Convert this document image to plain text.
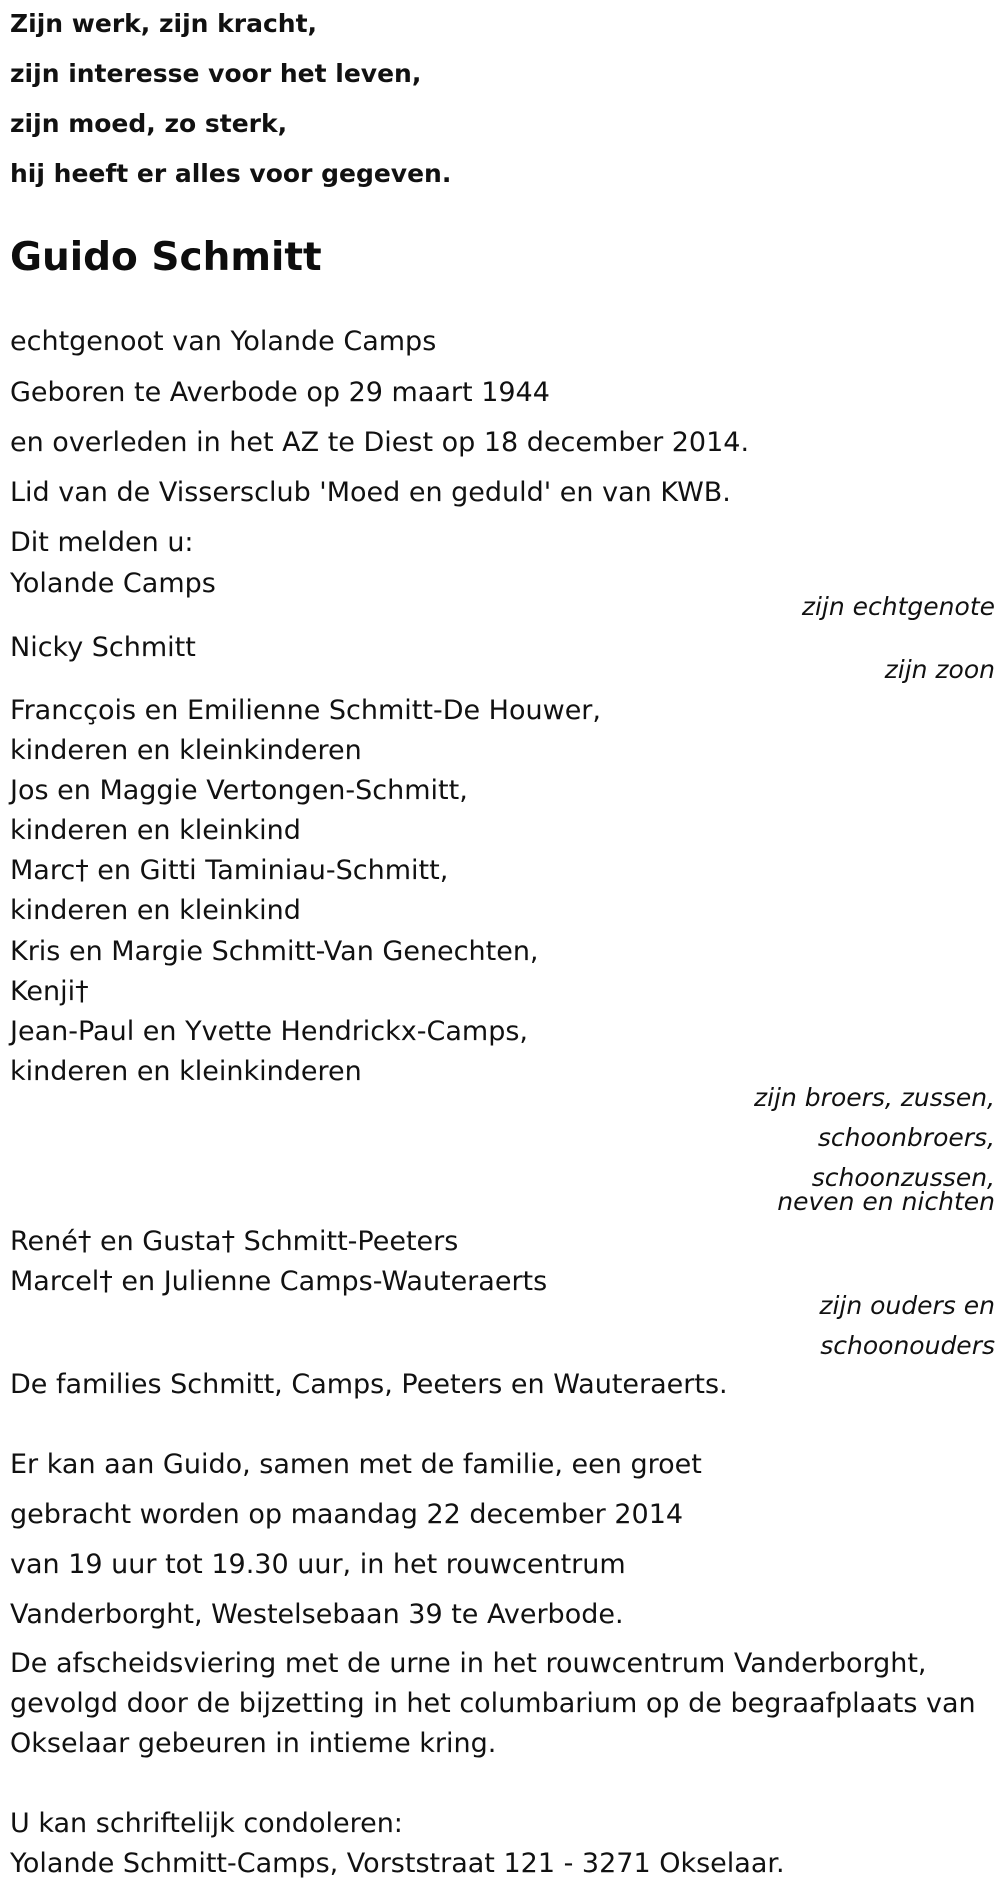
Zijn werk, zijn kracht,

zijn interesse voor het leven,

zijn moed, zo sterk,

hij heeft er alles voor gegeven.

Guido Schmitt

echtgenoot van Yolande Camps

Geboren te Averbode op 29 maart 1944

en overleden in het AZ te Diest op 18 december 2014.

Lid van de Vissersclub 'Moed en geduld' en van KWB.

Dit melden u:

Yolande Camps

zijn echtgenote

Nicky Schmitt

zijn zoon

Francçois en Emilienne Schmitt-De Houwer,

kinderen en kleinkinderen

Jos en Maggie Vertongen-Schmitt,

kinderen en kleinkind

Marc† en Gitti Taminiau-Schmitt,

kinderen en kleinkind

Kris en Margie Schmitt-Van Genechten,

Kenji†

Jean-Paul en Yvette Hendrickx-Camps,

kinderen en kleinkinderen

zijn broers, zussen,

schoonbroers,

schoonzussen,

neven en nichten

René† en Gusta† Schmitt-Peeters

Marcel† en Julienne Camps-Wauteraerts

zijn ouders en

schoonouders

De families Schmitt, Camps, Peeters en Wauteraerts.

Er kan aan Guido, samen met de familie, een groet

gebracht worden op maandag 22 december 2014

van 19 uur tot 19.30 uur, in het rouwcentrum

Vanderborght, Westelsebaan 39 te Averbode.

De afscheidsviering met de urne in het rouwcentrum Vanderborght,

gevolgd door de bijzetting in het columbarium op de begraafplaats van

Okselaar gebeuren in intieme kring.

U kan schriftelijk condoleren:

Yolande Schmitt-Camps, Vorststraat 121 - 3271 Okselaar.
